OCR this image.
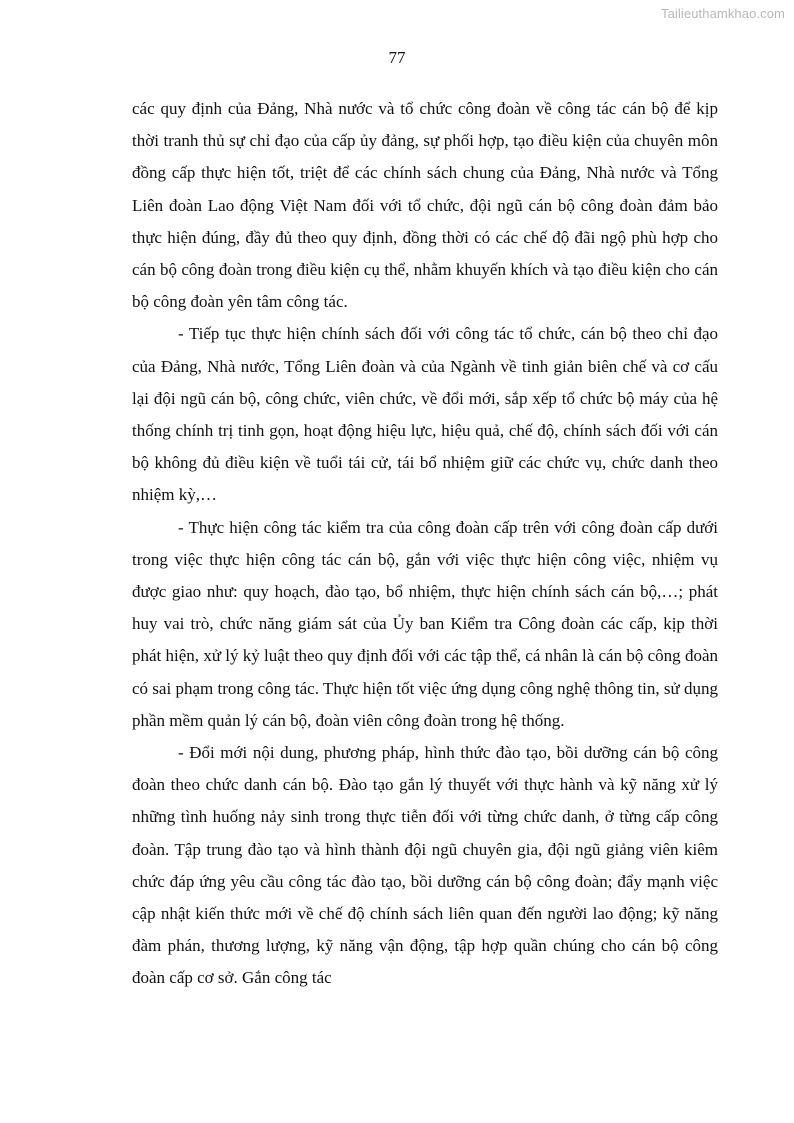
Tailieuthamkhao.com
77

các quy định của Đảng, Nhà nước và tổ chức công đoàn về công tác cán bộ để kịp thời tranh thủ sự chỉ đạo của cấp ủy đảng, sự phối hợp, tạo điều kiện của chuyên môn đồng cấp thực hiện tốt, triệt để các chính sách chung của Đảng, Nhà nước và Tổng Liên đoàn Lao động Việt Nam đối với tổ chức, đội ngũ cán bộ công đoàn đảm bảo thực hiện đúng, đầy đủ theo quy định, đồng thời có các chế độ đãi ngộ phù hợp cho cán bộ công đoàn trong điều kiện cụ thể, nhằm khuyến khích và tạo điều kiện cho cán bộ công đoàn yên tâm công tác.

- Tiếp tục thực hiện chính sách đối với công tác tổ chức, cán bộ theo chỉ đạo của Đảng, Nhà nước, Tổng Liên đoàn và của Ngành về tinh giản biên chế và cơ cấu lại đội ngũ cán bộ, công chức, viên chức, về đổi mới, sắp xếp tổ chức bộ máy của hệ thống chính trị tinh gọn, hoạt động hiệu lực, hiệu quả, chế độ, chính sách đối với cán bộ không đủ điều kiện về tuổi tái cử, tái bổ nhiệm giữ các chức vụ, chức danh theo nhiệm kỳ,…

- Thực hiện công tác kiểm tra của công đoàn cấp trên với công đoàn cấp dưới trong việc thực hiện công tác cán bộ, gắn với việc thực hiện công việc, nhiệm vụ được giao như: quy hoạch, đào tạo, bổ nhiệm, thực hiện chính sách cán bộ,…; phát huy vai trò, chức năng giám sát của Ủy ban Kiểm tra Công đoàn các cấp, kịp thời phát hiện, xử lý kỷ luật theo quy định đối với các tập thể, cá nhân là cán bộ công đoàn có sai phạm trong công tác. Thực hiện tốt việc ứng dụng công nghệ thông tin, sử dụng phần mềm quản lý cán bộ, đoàn viên công đoàn trong hệ thống.

- Đổi mới nội dung, phương pháp, hình thức đào tạo, bồi dưỡng cán bộ công đoàn theo chức danh cán bộ. Đào tạo gắn lý thuyết với thực hành và kỹ năng xử lý những tình huống nảy sinh trong thực tiễn đối với từng chức danh, ở từng cấp công đoàn. Tập trung đào tạo và hình thành đội ngũ chuyên gia, đội ngũ giảng viên kiêm chức đáp ứng yêu cầu công tác đào tạo, bồi dưỡng cán bộ công đoàn; đẩy mạnh việc cập nhật kiến thức mới về chế độ chính sách liên quan đến người lao động; kỹ năng đàm phán, thương lượng, kỹ năng vận động, tập hợp quần chúng cho cán bộ công đoàn cấp cơ sở. Gắn công tác
